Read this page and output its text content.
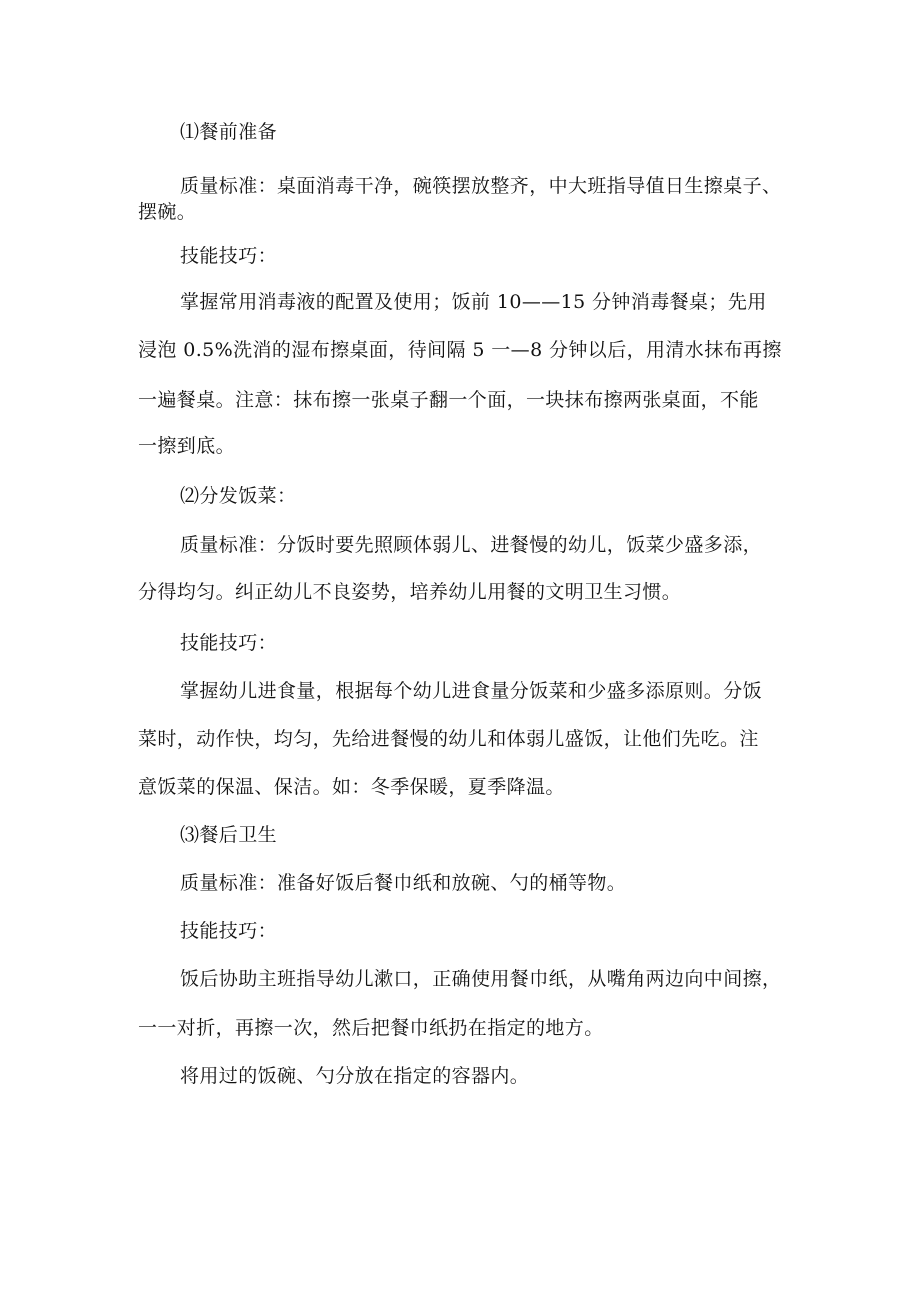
⑴餐前准备
质量标准：桌面消毒干净，碗筷摆放整齐，中大班指导值日生擦桌子、
摆碗。
技能技巧：
掌握常用消毒液的配置及使用；饭前 10——15 分钟消毒餐桌；先用
浸泡 0.5%洗消的湿布擦桌面，待间隔 5 一—8 分钟以后，用清水抹布再擦
一遍餐桌。注意：抹布擦一张桌子翻一个面，一块抹布擦两张桌面，不能
一擦到底。
⑵分发饭菜：
质量标准：分饭时要先照顾体弱儿、进餐慢的幼儿，饭菜少盛多添，
分得均匀。纠正幼儿不良姿势，培养幼儿用餐的文明卫生习惯。
技能技巧：
掌握幼儿进食量，根据每个幼儿进食量分饭菜和少盛多添原则。分饭
菜时，动作快，均匀，先给进餐慢的幼儿和体弱儿盛饭，让他们先吃。注
意饭菜的保温、保洁。如：冬季保暖，夏季降温。
⑶餐后卫生
质量标准：准备好饭后餐巾纸和放碗、勺的桶等物。
技能技巧：
饭后协助主班指导幼儿漱口，正确使用餐巾纸，从嘴角两边向中间擦，
一一对折，再擦一次，然后把餐巾纸扔在指定的地方。
将用过的饭碗、勺分放在指定的容器内。
